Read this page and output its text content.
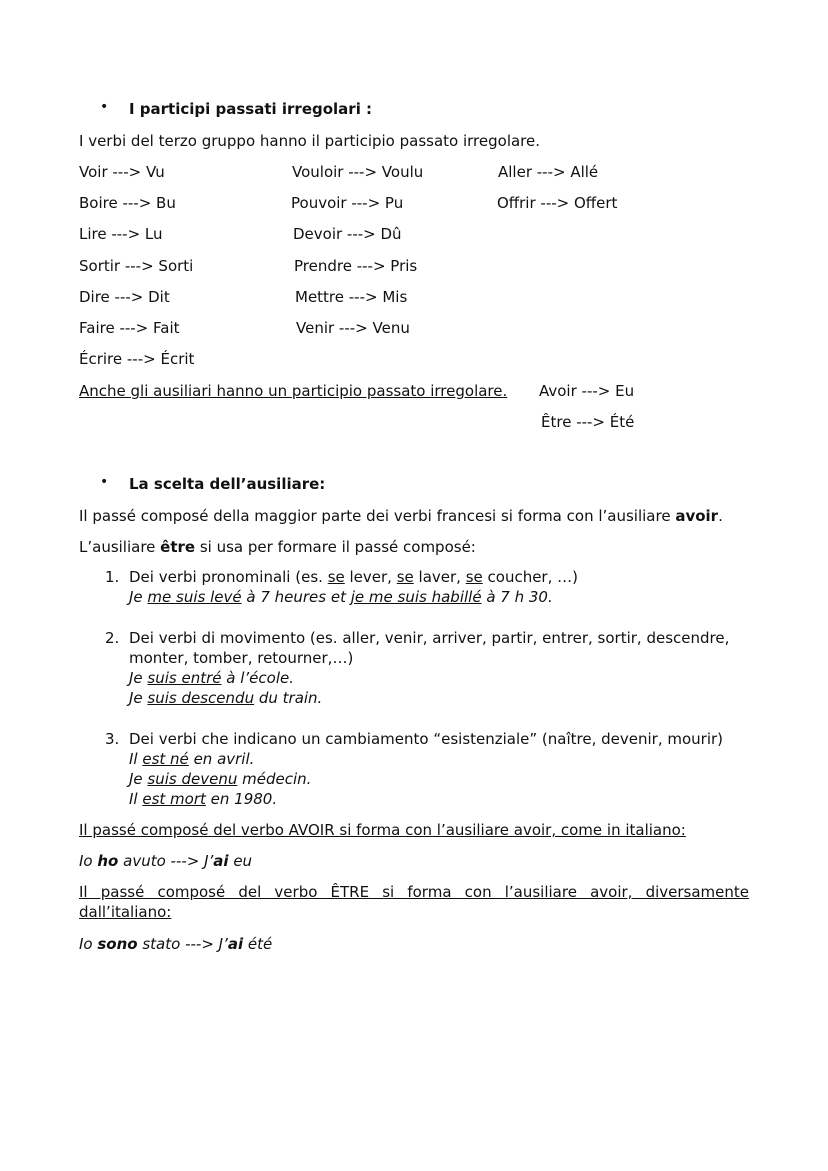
• I participi passati irregolari :
I verbi del terzo gruppo hanno il participio passato irregolare.
Voir ---> Vu
Boire ---> Bu
Lire ---> Lu
Sortir ---> Sorti
Dire ---> Dit
Faire ---> Fait
Écrire ---> Écrit
Vouloir ---> Voulu
Pouvoir ---> Pu
Devoir ---> Dû
Prendre ---> Pris
Mettre ---> Mis
Venir ---> Venu
Aller ---> Allé
Offrir ---> Offert
Anche gli ausiliari hanno un participio passato irregolare. Avoir ---> Eu
Être ---> Été
• La scelta dell’ausiliare:
Il passé composé della maggior parte dei verbi francesi si forma con l’ausiliare avoir.
L’ausiliare être si usa per formare il passé composé:
1. Dei verbi pronominali (es. se lever, se laver, se coucher, …)
Je me suis levé à 7 heures et je me suis habillé à 7 h 30.
2. Dei verbi di movimento (es. aller, venir, arriver, partir, entrer, sortir, descendre,
monter, tomber, retourner,…)
Je suis entré à l’école.
Je suis descendu du train.
3. Dei verbi che indicano un cambiamento “esistenziale” (naître, devenir, mourir)
Il est né en avril.
Je suis devenu médecin.
Il est mort en 1980.
Il passé composé del verbo AVOIR si forma con l’ausiliare avoir, come in italiano:
Io ho avuto ---> J’ai eu
Il passé composé del verbo ÊTRE si forma con l’ausiliare avoir, diversamente dall’italiano:
Io sono stato ---> J’ai été
